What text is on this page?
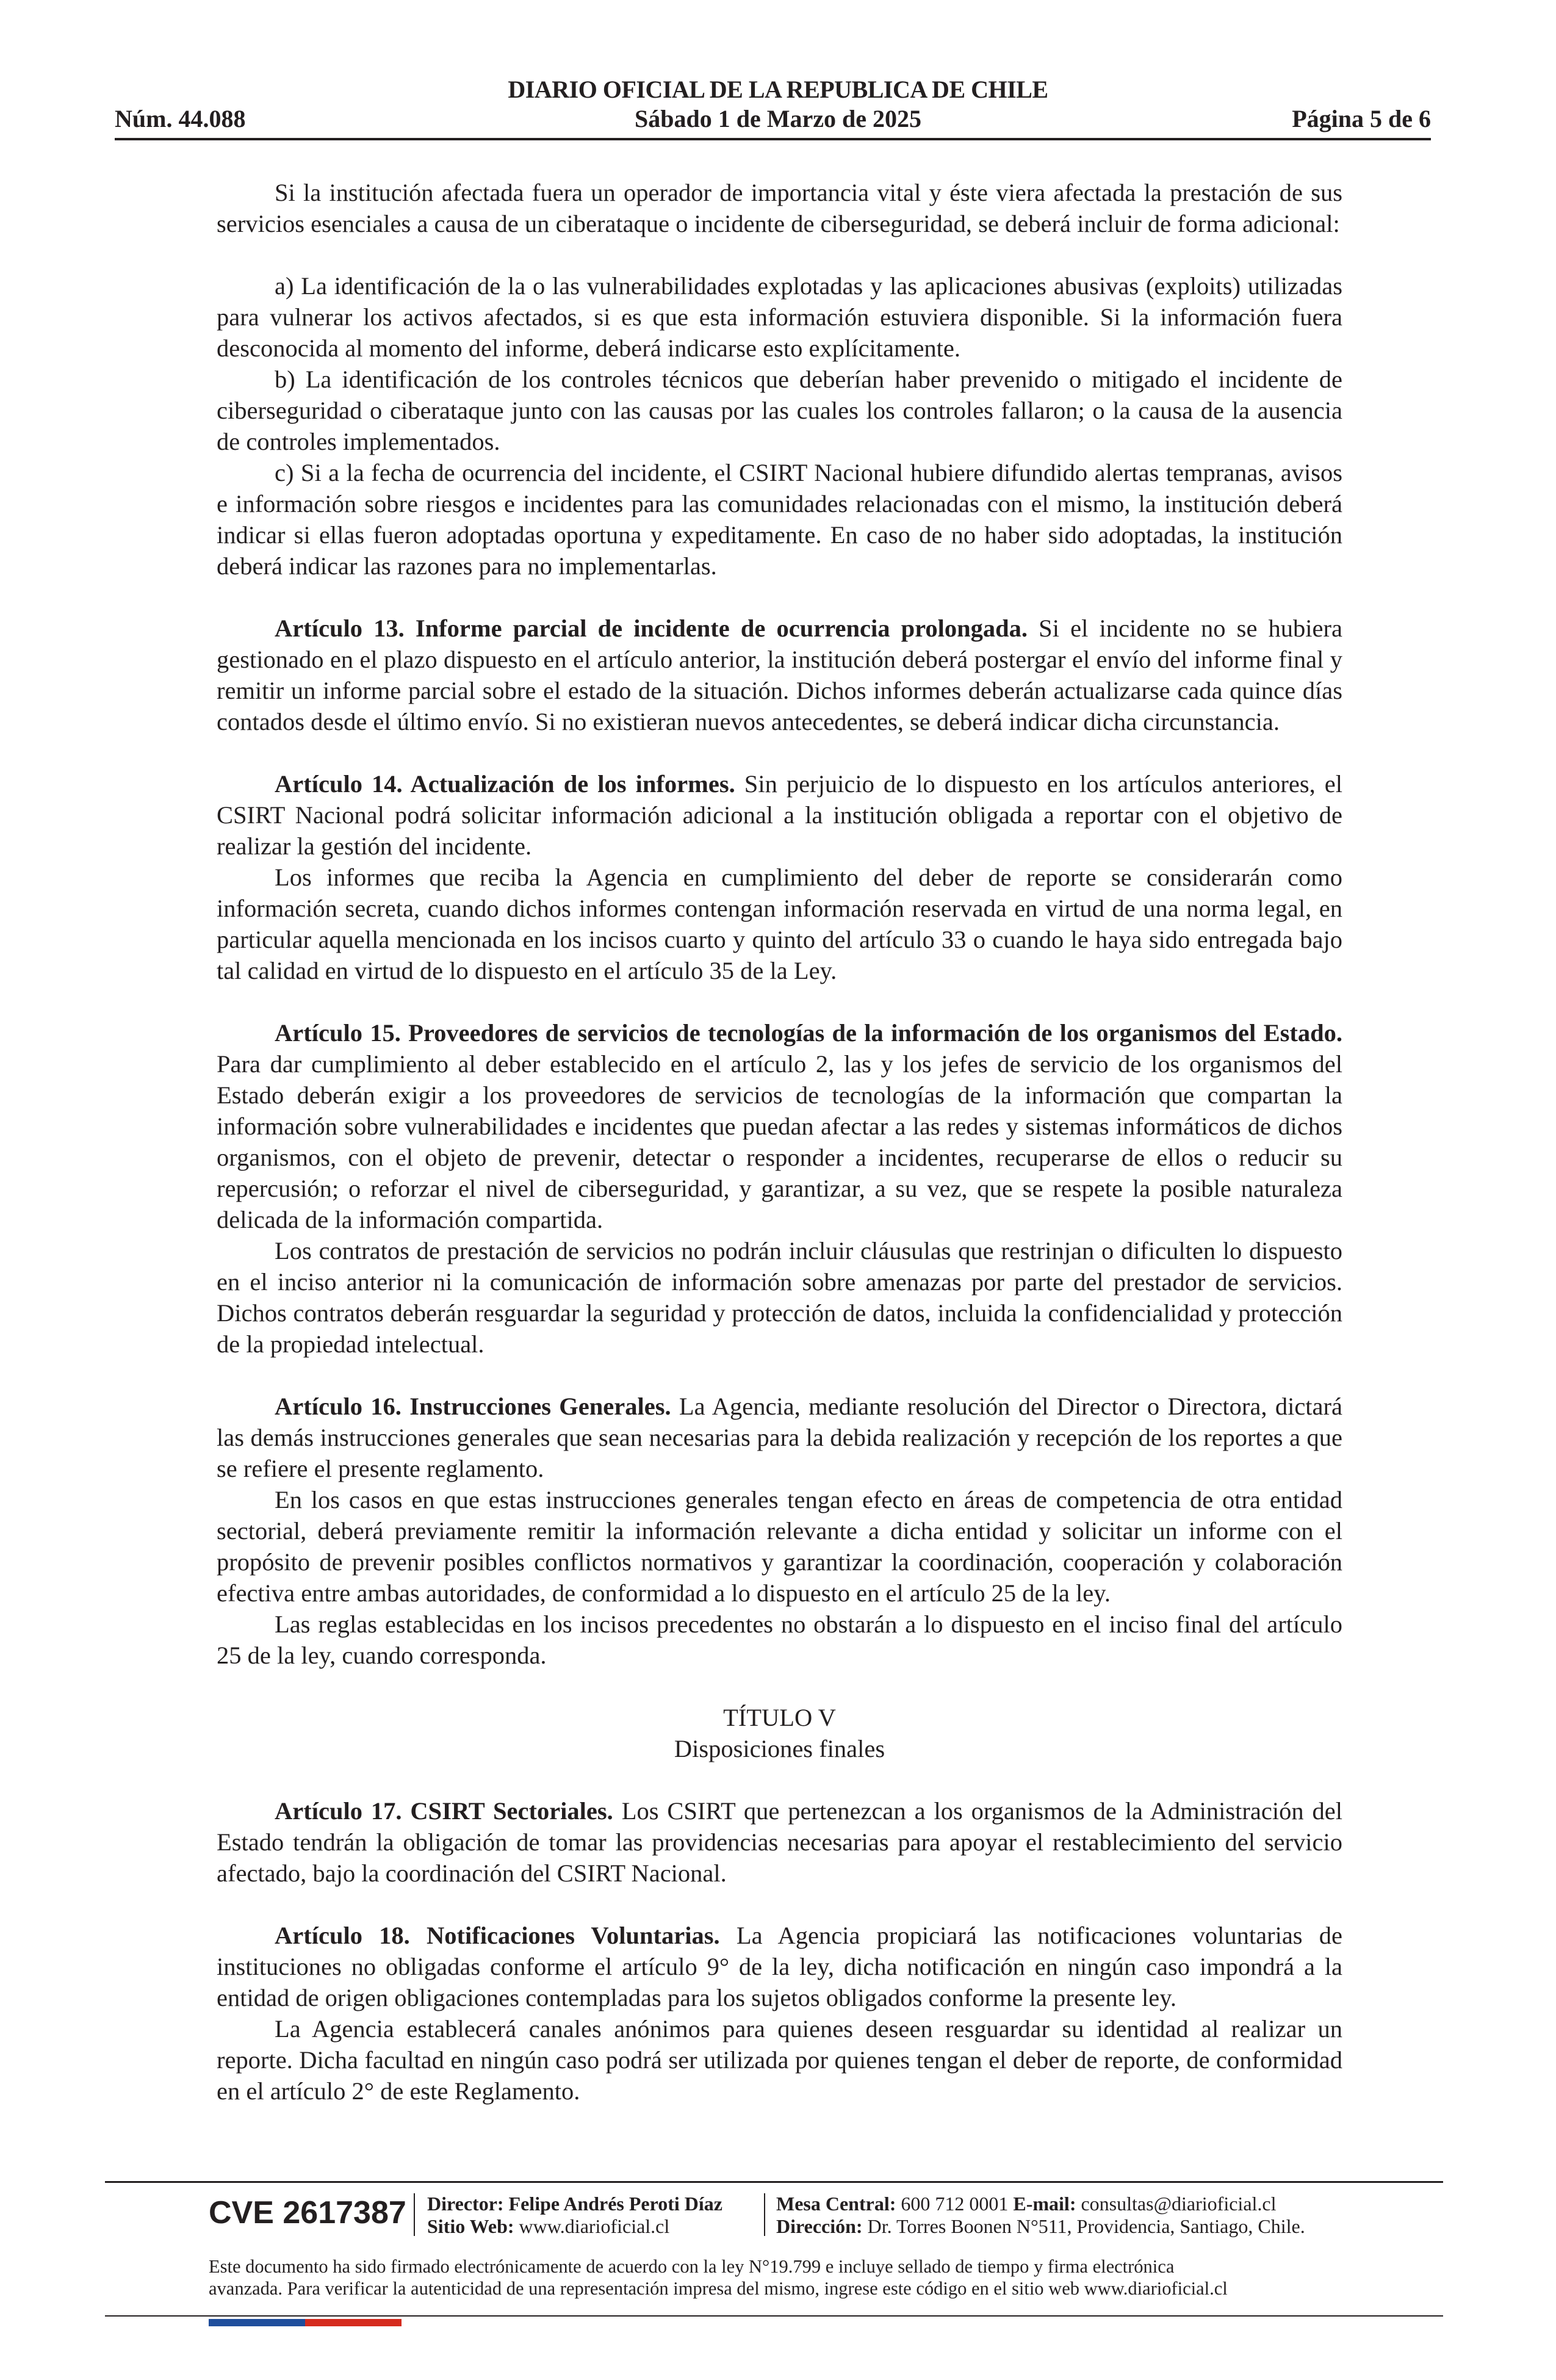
DIARIO OFICIAL DE LA REPUBLICA DE CHILE
Núm. 44.088	Sábado 1 de Marzo de 2025	Página 5 de 6

Si la institución afectada fuera un operador de importancia vital y éste viera afectada la prestación de sus servicios esenciales a causa de un ciberataque o incidente de ciberseguridad, se deberá incluir de forma adicional:

a) La identificación de la o las vulnerabilidades explotadas y las aplicaciones abusivas (exploits) utilizadas para vulnerar los activos afectados, si es que esta información estuviera disponible. Si la información fuera desconocida al momento del informe, deberá indicarse esto explícitamente.

b) La identificación de los controles técnicos que deberían haber prevenido o mitigado el incidente de ciberseguridad o ciberataque junto con las causas por las cuales los controles fallaron; o la causa de la ausencia de controles implementados.

c) Si a la fecha de ocurrencia del incidente, el CSIRT Nacional hubiere difundido alertas tempranas, avisos e información sobre riesgos e incidentes para las comunidades relacionadas con el mismo, la institución deberá indicar si ellas fueron adoptadas oportuna y expeditamente. En caso de no haber sido adoptadas, la institución deberá indicar las razones para no implementarlas.

Artículo 13. Informe parcial de incidente de ocurrencia prolongada. Si el incidente no se hubiera gestionado en el plazo dispuesto en el artículo anterior, la institución deberá postergar el envío del informe final y remitir un informe parcial sobre el estado de la situación. Dichos informes deberán actualizarse cada quince días contados desde el último envío. Si no existieran nuevos antecedentes, se deberá indicar dicha circunstancia.

Artículo 14. Actualización de los informes. Sin perjuicio de lo dispuesto en los artículos anteriores, el CSIRT Nacional podrá solicitar información adicional a la institución obligada a reportar con el objetivo de realizar la gestión del incidente.

Los informes que reciba la Agencia en cumplimiento del deber de reporte se considerarán como información secreta, cuando dichos informes contengan información reservada en virtud de una norma legal, en particular aquella mencionada en los incisos cuarto y quinto del artículo 33 o cuando le haya sido entregada bajo tal calidad en virtud de lo dispuesto en el artículo 35 de la Ley.

Artículo 15. Proveedores de servicios de tecnologías de la información de los organismos del Estado. Para dar cumplimiento al deber establecido en el artículo 2, las y los jefes de servicio de los organismos del Estado deberán exigir a los proveedores de servicios de tecnologías de la información que compartan la información sobre vulnerabilidades e incidentes que puedan afectar a las redes y sistemas informáticos de dichos organismos, con el objeto de prevenir, detectar o responder a incidentes, recuperarse de ellos o reducir su repercusión; o reforzar el nivel de ciberseguridad, y garantizar, a su vez, que se respete la posible naturaleza delicada de la información compartida.

Los contratos de prestación de servicios no podrán incluir cláusulas que restrinjan o dificulten lo dispuesto en el inciso anterior ni la comunicación de información sobre amenazas por parte del prestador de servicios. Dichos contratos deberán resguardar la seguridad y protección de datos, incluida la confidencialidad y protección de la propiedad intelectual.

Artículo 16. Instrucciones Generales. La Agencia, mediante resolución del Director o Directora, dictará las demás instrucciones generales que sean necesarias para la debida realización y recepción de los reportes a que se refiere el presente reglamento.

En los casos en que estas instrucciones generales tengan efecto en áreas de competencia de otra entidad sectorial, deberá previamente remitir la información relevante a dicha entidad y solicitar un informe con el propósito de prevenir posibles conflictos normativos y garantizar la coordinación, cooperación y colaboración efectiva entre ambas autoridades, de conformidad a lo dispuesto en el artículo 25 de la ley.

Las reglas establecidas en los incisos precedentes no obstarán a lo dispuesto en el inciso final del artículo 25 de la ley, cuando corresponda.

TÍTULO V

Disposiciones finales

Artículo 17. CSIRT Sectoriales. Los CSIRT que pertenezcan a los organismos de la Administración del Estado tendrán la obligación de tomar las providencias necesarias para apoyar el restablecimiento del servicio afectado, bajo la coordinación del CSIRT Nacional.

Artículo 18. Notificaciones Voluntarias. La Agencia propiciará las notificaciones voluntarias de instituciones no obligadas conforme el artículo 9° de la ley, dicha notificación en ningún caso impondrá a la entidad de origen obligaciones contempladas para los sujetos obligados conforme la presente ley.

La Agencia establecerá canales anónimos para quienes deseen resguardar su identidad al realizar un reporte. Dicha facultad en ningún caso podrá ser utilizada por quienes tengan el deber de reporte, de conformidad en el artículo 2° de este Reglamento.

CVE 2617387 Director: Felipe Andrés Peroti Díaz
Sitio Web: www.diarioficial.cl
Mesa Central: 600 712 0001 E-mail: consultas@diarioficial.cl
Dirección: Dr. Torres Boonen N°511, Providencia, Santiago, Chile.
Este documento ha sido firmado electrónicamente de acuerdo con la ley N°19.799 e incluye sellado de tiempo y firma electrónica
avanzada. Para verificar la autenticidad de una representación impresa del mismo, ingrese este código en el sitio web www.diarioficial.cl
